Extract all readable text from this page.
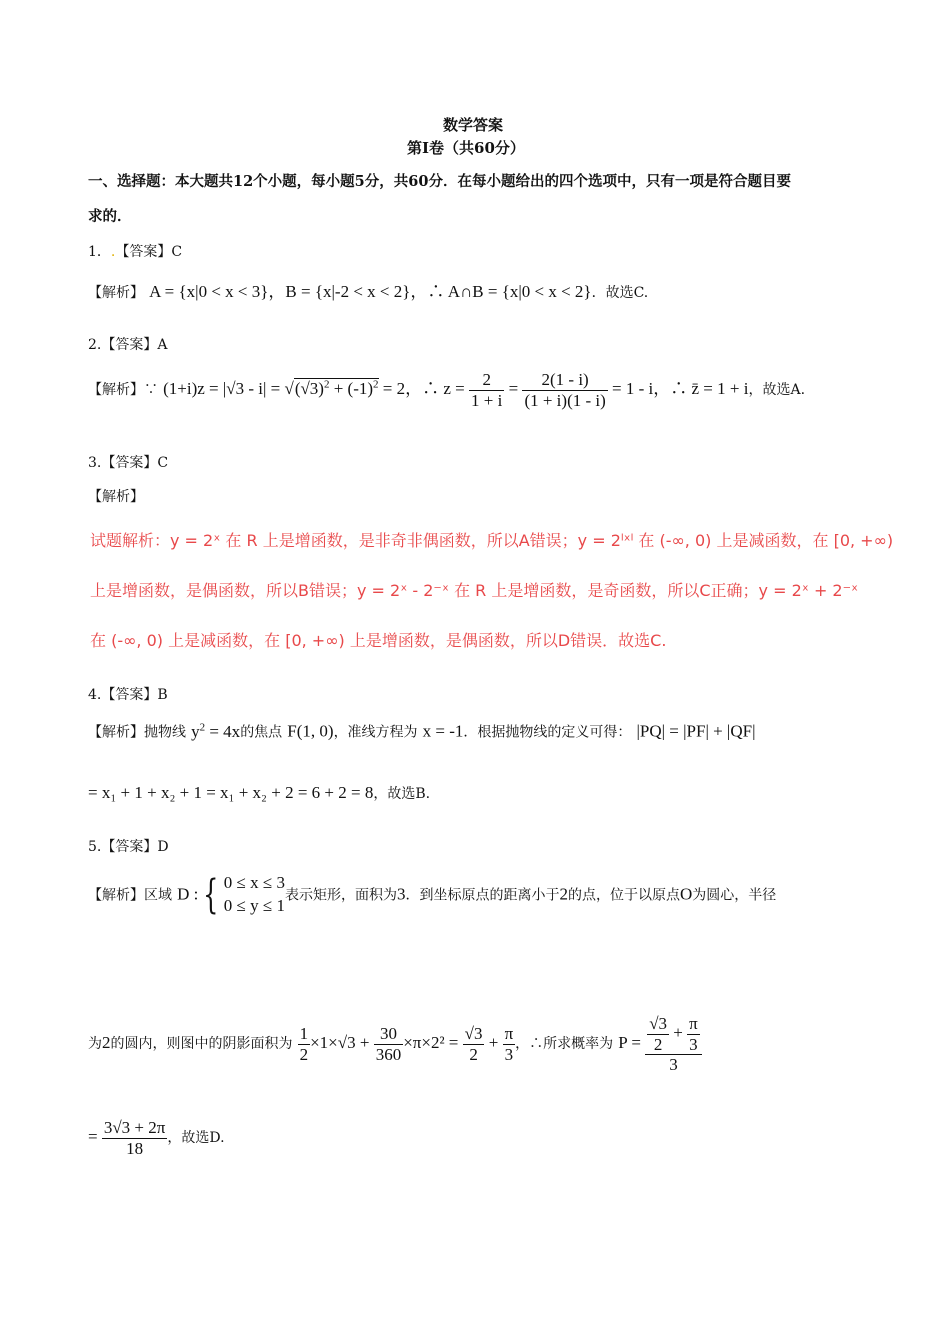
数学答案
第Ⅰ卷（共60分）
一、选择题：本大题共12个小题，每小题5分，共60分．在每小题给出的四个选项中，只有一项是符合题目要
求的．
1．.【答案】C
【解析】 A = {x|0 < x < 3}，B = {x|-2 < x < 2}，∴ A∩B = {x|0 < x < 2}．故选C.
2.【答案】A
【解析】∵ $(1+i)z = |√3 - i| = √(√3)^2 + (-1)^2 = 2$，∴ $z = \frac{2}{1 + i} = \frac{2(1 - i)}{(1 + i)(1 - i)} = 1 - i$，∴ z̄ = 1 + i，故选A.
3.【答案】C
【解析】
试题解析：y = 2ˣ 在 R 上是增函数，是非奇非偶函数，所以A错误；y = 2ˡˣˡ 在 (-∞, 0) 上是减函数，在 [0, +∞)
上是增函数，是偶函数，所以B错误；y = 2ˣ - 2⁻ˣ 在 R 上是增函数，是奇函数，所以C正确；y = 2ˣ + 2⁻ˣ
在 (-∞, 0) 上是减函数，在 [0, +∞) 上是增函数，是偶函数，所以D错误．故选C.
4.【答案】B
【解析】抛物线 $y^2 = 4x$的焦点 F(1, 0)，准线方程为 x = -1．根据抛物线的定义可得： |PQ| = |PF| + |QF|
= x₁ + 1 + x₂ + 1 = x₁ + x₂ + 2 = 6 + 2 = 8，故选B.
5.【答案】D
【解析】区域 D : { 0 ≤ x ≤ 3
0 ≤ y ≤ 1
表示矩形，面积为3．到坐标原点的距离小于2的点，位于以原点O为圆心，半径
为2的圆内，则图中的阴影面积为 $\frac{1}{2} \times 1\times√3 + \frac{30}{360} \times\pi\times 2^2 = \frac{√3}{2} + \frac{\pi}{3}$ ，∴所求概率为 $P = \frac{\frac{√3}{2} + \frac{\pi}{3}}{3}$
= $\frac{3√3 + 2\pi}{18}$ ，故选D.
